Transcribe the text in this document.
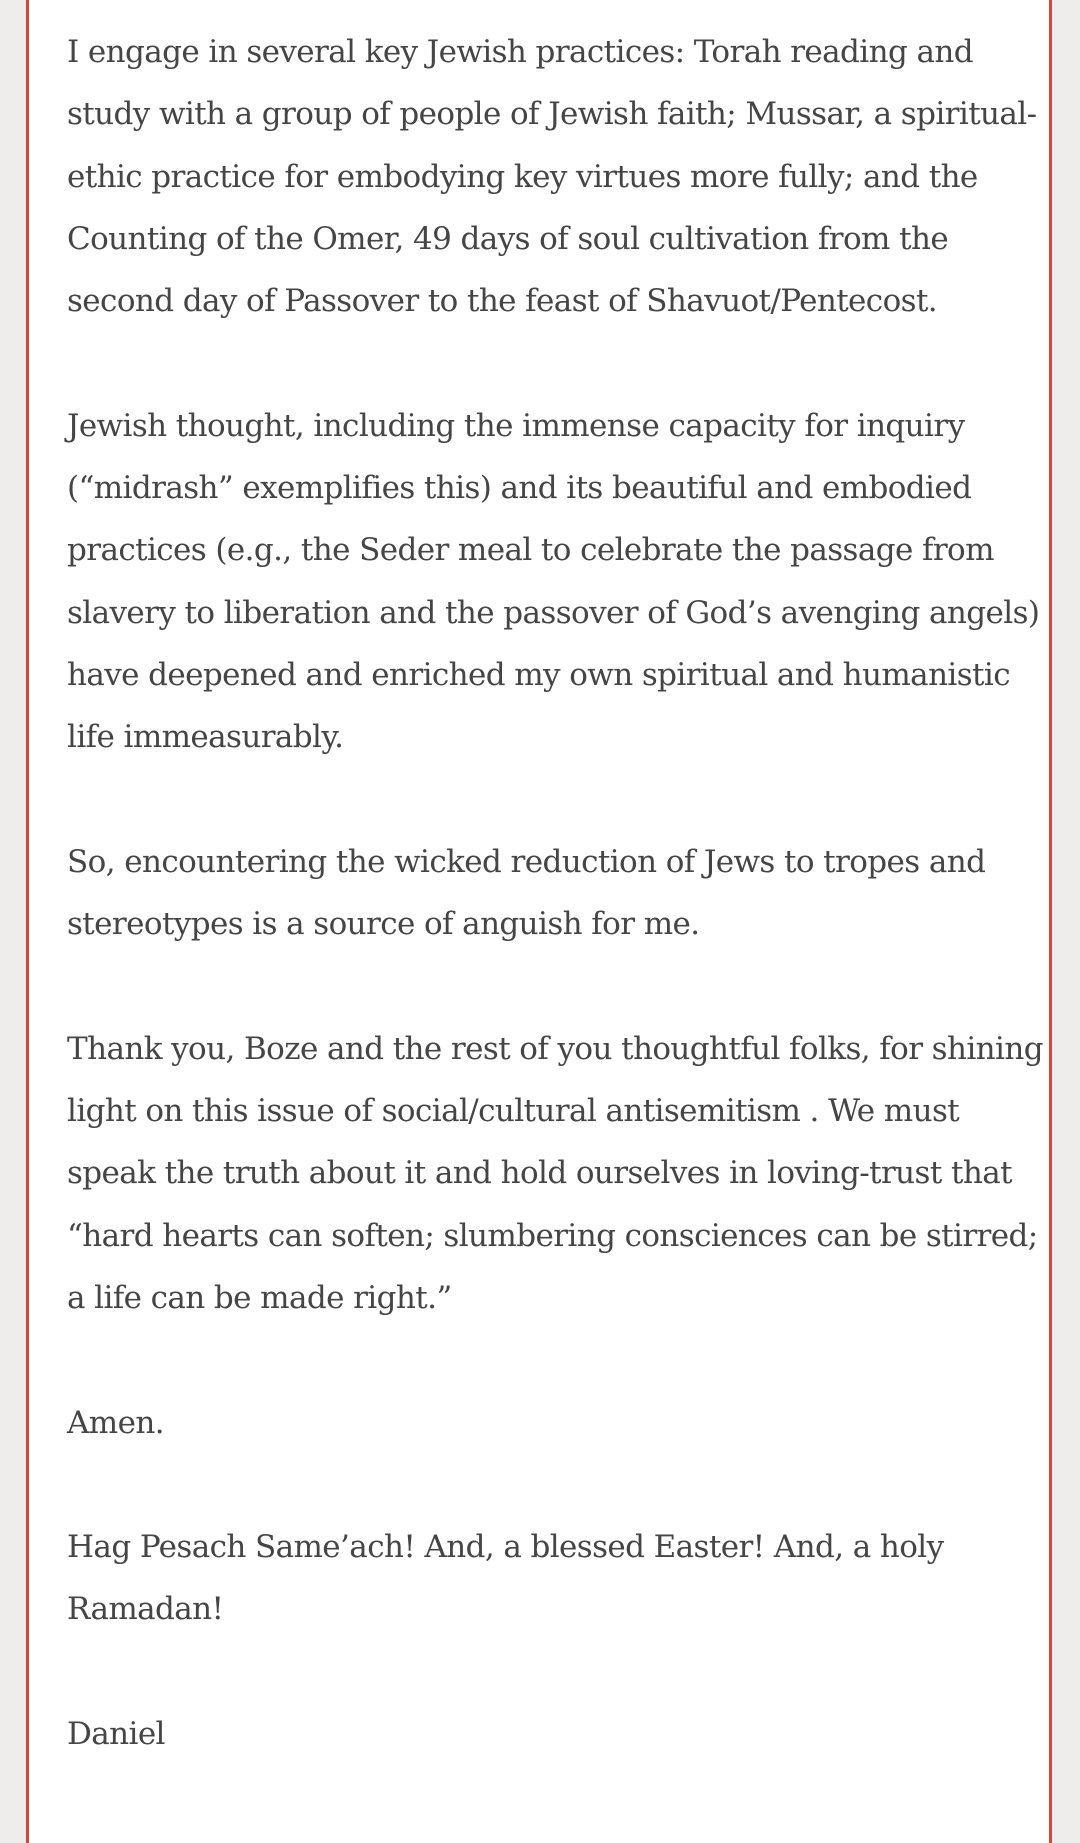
I engage in several key Jewish practices: Torah reading and study with a group of people of Jewish faith; Mussar, a spiritual-ethic practice for embodying key virtues more fully; and the Counting of the Omer, 49 days of soul cultivation from the second day of Passover to the feast of Shavuot/Pentecost.

Jewish thought, including the immense capacity for inquiry (“midrash” exemplifies this) and its beautiful and embodied practices (e.g., the Seder meal to celebrate the passage from slavery to liberation and the passover of God’s avenging angels) have deepened and enriched my own spiritual and humanistic life immeasurably.

So, encountering the wicked reduction of Jews to tropes and stereotypes is a source of anguish for me.

Thank you, Boze and the rest of you thoughtful folks, for shining light on this issue of social/cultural antisemitism . We must speak the truth about it and hold ourselves in loving-trust that “hard hearts can soften; slumbering consciences can be stirred; a life can be made right.”

Amen.

Hag Pesach Same’ach! And, a blessed Easter! And, a holy Ramadan!

Daniel
